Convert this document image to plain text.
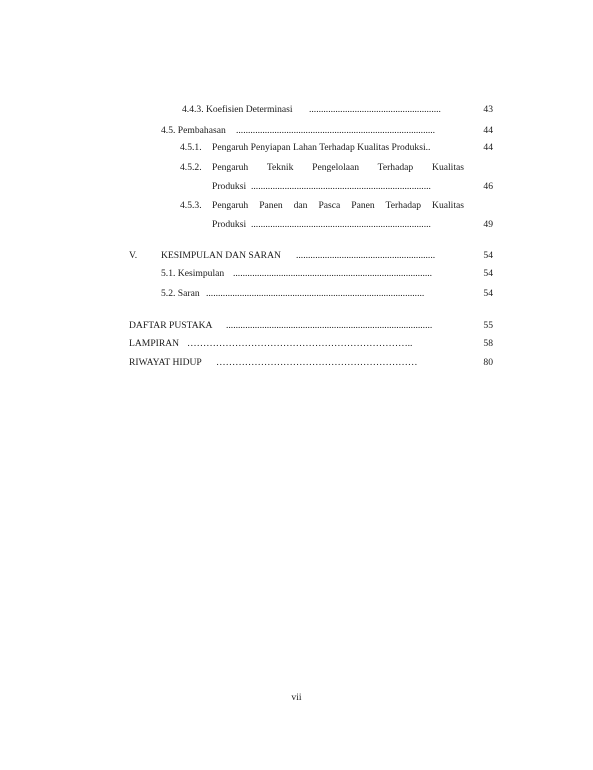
4.4.3. Koefisien Determinasi .......................................................	43
4.5. Pembahasan ...................................................................................	44
4.5.1. Pengaruh Penyiapan Lahan Terhadap Kualitas Produksi..	44
4.5.2. Pengaruh Teknik Pengelolaan Terhadap Kualitas
Produksi ...........................................................................	46
4.5.3. Pengaruh Panen dan Pasca Panen Terhadap Kualitas
Produksi ...........................................................................	49
V. KESIMPULAN DAN SARAN ..........................................................	54
5.1. Kesimpulan ...................................................................................	54
5.2. Saran ...........................................................................................	54
DAFTAR PUSTAKA ......................................................................................	55
LAMPIRAN ……………………………………………………………..	58
RIWAYAT HIDUP ………………………………………………………	80
vii
